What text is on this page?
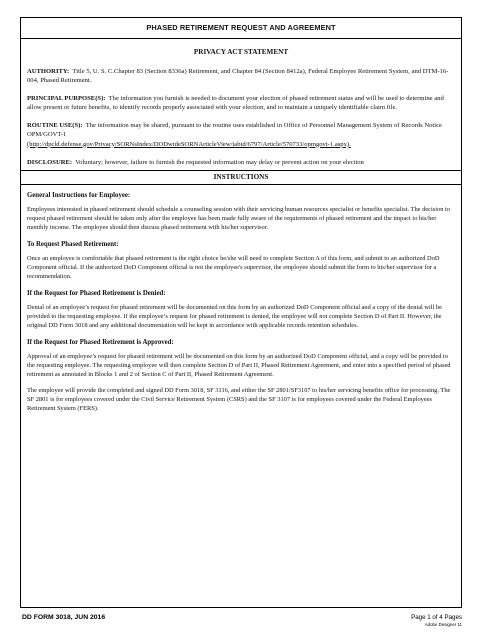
PHASED RETIREMENT REQUEST AND AGREEMENT
PRIVACY ACT STATEMENT
AUTHORITY: Title 5, U. S. C.Chapter 83 (Section 8336a) Retirement, and Chapter 84 (Section 8412a), Federal Employee Retirement System, and DTM-16-004, Phased Retirement.
PRINCIPAL PURPOSE(S): The information you furnish is needed to document your election of phased retirement status and will be used to determine and allow present or future benefits, to identify records properly associated with your election, and to maintain a uniquely identifiable claim file.
ROUTINE USE(S): The information may be shared, pursuant to the routine uses established in Office of Personnel Management System of Records Notice OPM/GOVT-1
(http://dpcld.defense.gov/Privacy/SORNsIndex/DODwideSORNArticleView/tabid/6797/Article/570733/opmgovt-1.aspx).
DISCLOSURE: Voluntary; however, failure to furnish the requested information may delay or prevent action on your election
INSTRUCTIONS
General Instructions for Employee:
Employees interested in phased retirement should schedule a counseling session with their servicing human resources specialist or benefits specialist. The decision to request phased retirement should be taken only after the employee has been made fully aware of the requirements of phased retirement and the impact to his/her monthly income. The employee should then discuss phased retirement with his/her supervisor.
To Request Phased Retirement:
Once an employee is comfortable that phased retirement is the right choice he/she will need to complete Section A of this form, and submit to an authorized DoD Component official. If the authorized DoD Component official is not the employee's supervisor, the employee should submit the form to his/her supervisor for a recommendation.
If the Request for Phased Retirement is Denied:
Denial of an employee’s request for phased retirement will be documented on this form by an authorized DoD Component official and a copy of the denial will be provided to the requesting employee. If the employee’s request for phased retirement is denied, the employee will not complete Section D of Part II. However, the original DD Form 3018 and any additional documentation will be kept in accordance with applicable records retention schedules.
If the Request for Phased Retirement is Approved:
Approval of an employee’s request for phased retirement will be documented on this form by an authorized DoD Component official, and a copy will be provided to the requesting employee. The requesting employee will then complete Section D of Part II, Phased Retirement Agreement, and enter into a specified period of phased retirement as annotated in Blocks 1 and 2 of Section C of Part II, Phased Retirement Agreement.
The employee will provide the completed and signed DD Form 3018, SF 3116, and either the SF 2801/SF3107 to his/her servicing benefits office for processing. The SF 2801 is for employees covered under the Civil Service Retirement System (CSRS) and the SF 3107 is for employees covered under the Federal Employees Retirement System (FERS).
DD FORM 3018, JUN 2016	Page 1 of 4 Pages
Adobe Designer 11
